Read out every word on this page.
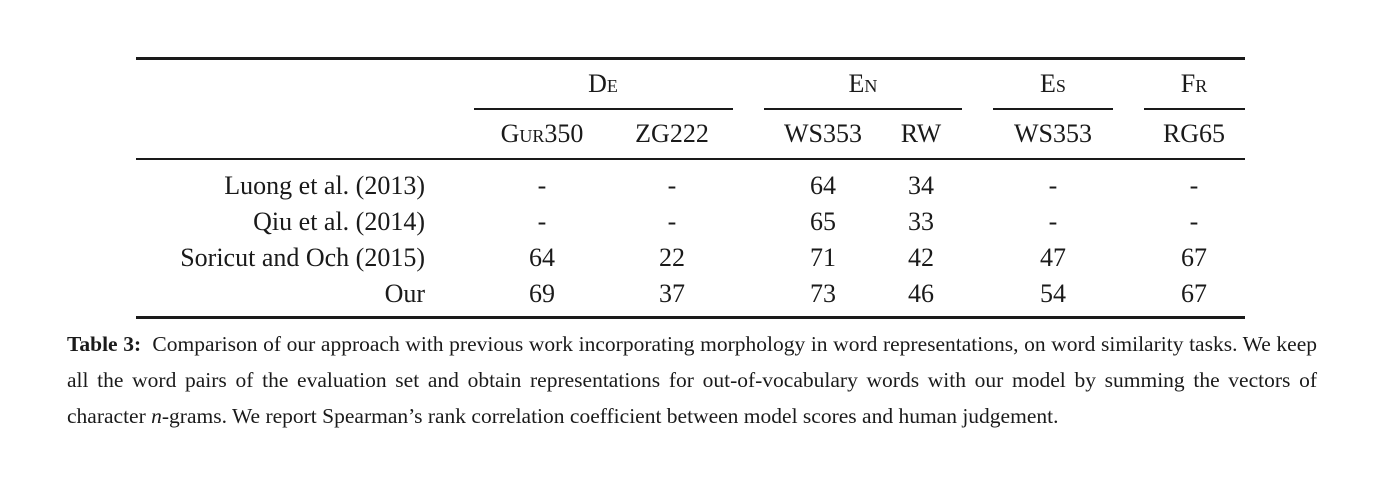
De	En	Es	Fr
Gur350 ZG222	WS353 RW	WS353	RG65
Luong et al. (2013)	-	-	64	34	-	-
Qiu et al. (2014)	-	-	65	33	-	-
Soricut and Och (2015)	64	22	71	42	47	67
Our	69	37	73	46	54	67

Table 3: Comparison of our approach with previous work incorporating morphology in word representations, on word similarity tasks. We keep all the word pairs of the evaluation set and obtain representations for out-of-vocabulary words with our model by summing the vectors of character n-grams. We report Spearman’s rank correlation coefficient between model scores and human judgement.
